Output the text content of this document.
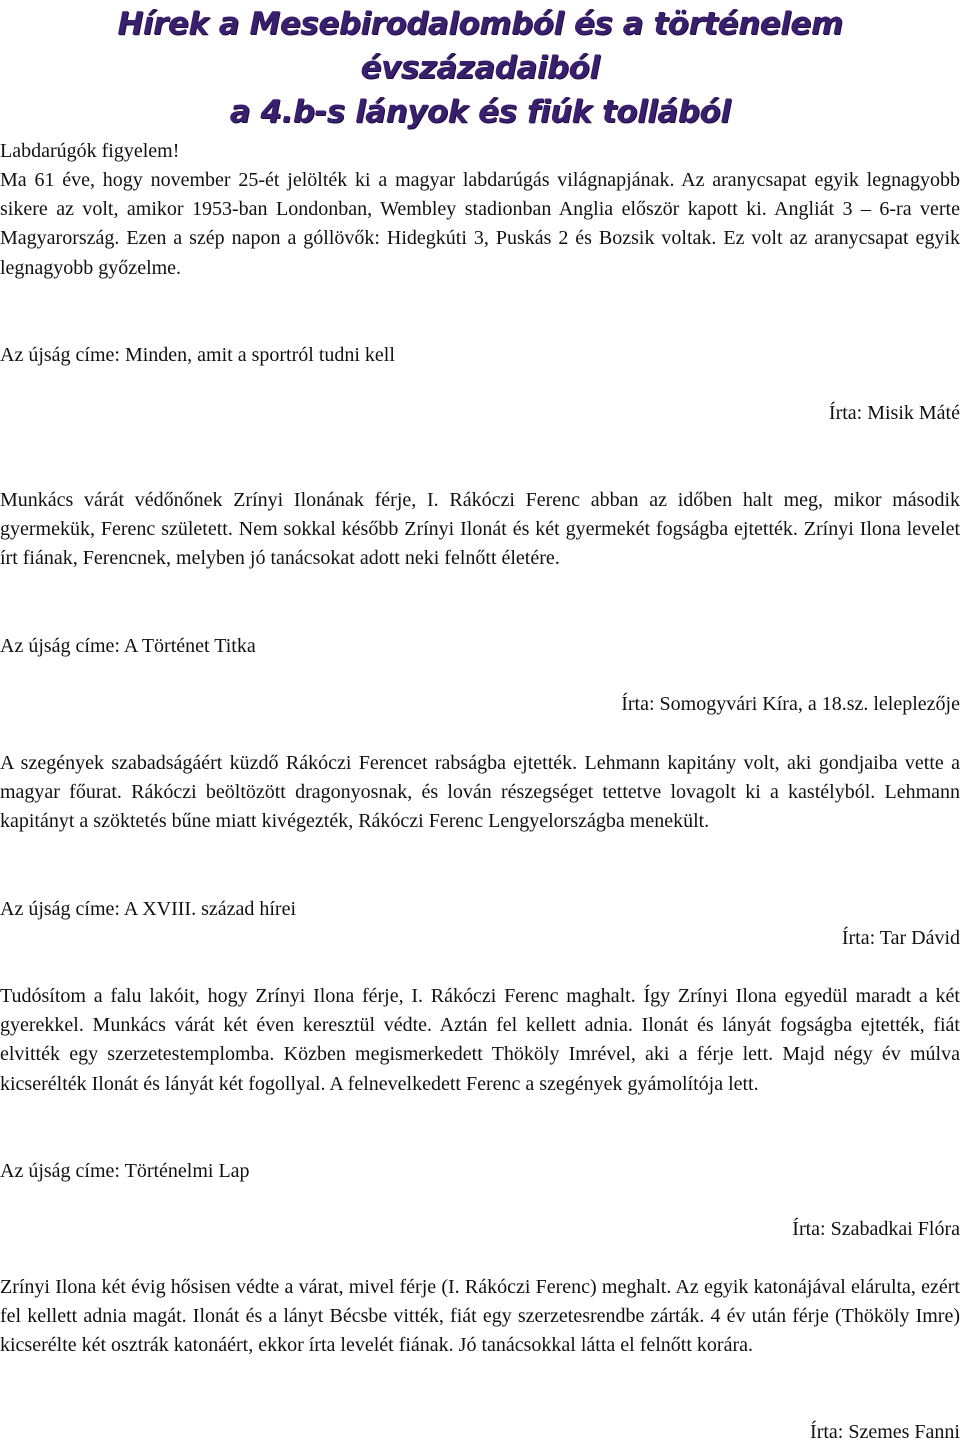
Hírek a Mesebirodalomból és a történelem évszázadaiból
a 4.b-s lányok és fiúk tollából

Labdarúgók figyelem!

Ma 61 éve, hogy november 25-ét jelölték ki a magyar labdarúgás világnapjának. Az aranycsapat egyik legnagyobb sikere az volt, amikor 1953-ban Londonban, Wembley stadionban Anglia először kapott ki. Angliát 3 – 6-ra verte Magyarország. Ezen a szép napon a góllövők: Hidegkúti 3, Puskás 2 és Bozsik voltak. Ez volt az aranycsapat egyik legnagyobb győzelme.

Az újság címe: Minden, amit a sportról tudni kell

Írta: Misik Máté

Munkács várát védőnőnek Zrínyi Ilonának férje, I. Rákóczi Ferenc abban az időben halt meg, mikor második gyermekük, Ferenc született. Nem sokkal később Zrínyi Ilonát és két gyermekét fogságba ejtették. Zrínyi Ilona levelet írt fiának, Ferencnek, melyben jó tanácsokat adott neki felnőtt életére.

Az újság címe: A Történet Titka

Írta: Somogyvári Kíra, a 18.sz. leleplezője

A szegények szabadságáért küzdő Rákóczi Ferencet rabságba ejtették. Lehmann kapitány volt, aki gondjaiba vette a magyar főurat. Rákóczi beöltözött dragonyosnak, és lován részegséget tettetve lovagolt ki a kastélyból. Lehmann kapitányt a szöktetés bűne miatt kivégezték, Rákóczi Ferenc Lengyelországba menekült.

Az újság címe: A XVIII. század hírei

Írta: Tar Dávid

Tudósítom a falu lakóit, hogy Zrínyi Ilona férje, I. Rákóczi Ferenc maghalt. Így Zrínyi Ilona egyedül maradt a két gyerekkel. Munkács várát két éven keresztül védte. Aztán fel kellett adnia. Ilonát és lányát fogságba ejtették, fiát elvitték egy szerzetestemplomba. Közben megismerkedett Thököly Imrével, aki a férje lett. Majd négy év múlva kicserélték Ilonát és lányát két fogollyal. A felnevelkedett Ferenc a szegények gyámolítója lett.

Az újság címe: Történelmi Lap

Írta: Szabadkai Flóra

Zrínyi Ilona két évig hősisen védte a várat, mivel férje (I. Rákóczi Ferenc) meghalt. Az egyik katonájával elárulta, ezért fel kellett adnia magát. Ilonát és a lányt Bécsbe vitték, fiát egy szerzetesrendbe zárták. 4 év után férje (Thököly Imre) kicserélte két osztrák katonáért, ekkor írta levelét fiának. Jó tanácsokkal látta el felnőtt korára.

Írta: Szemes Fanni
